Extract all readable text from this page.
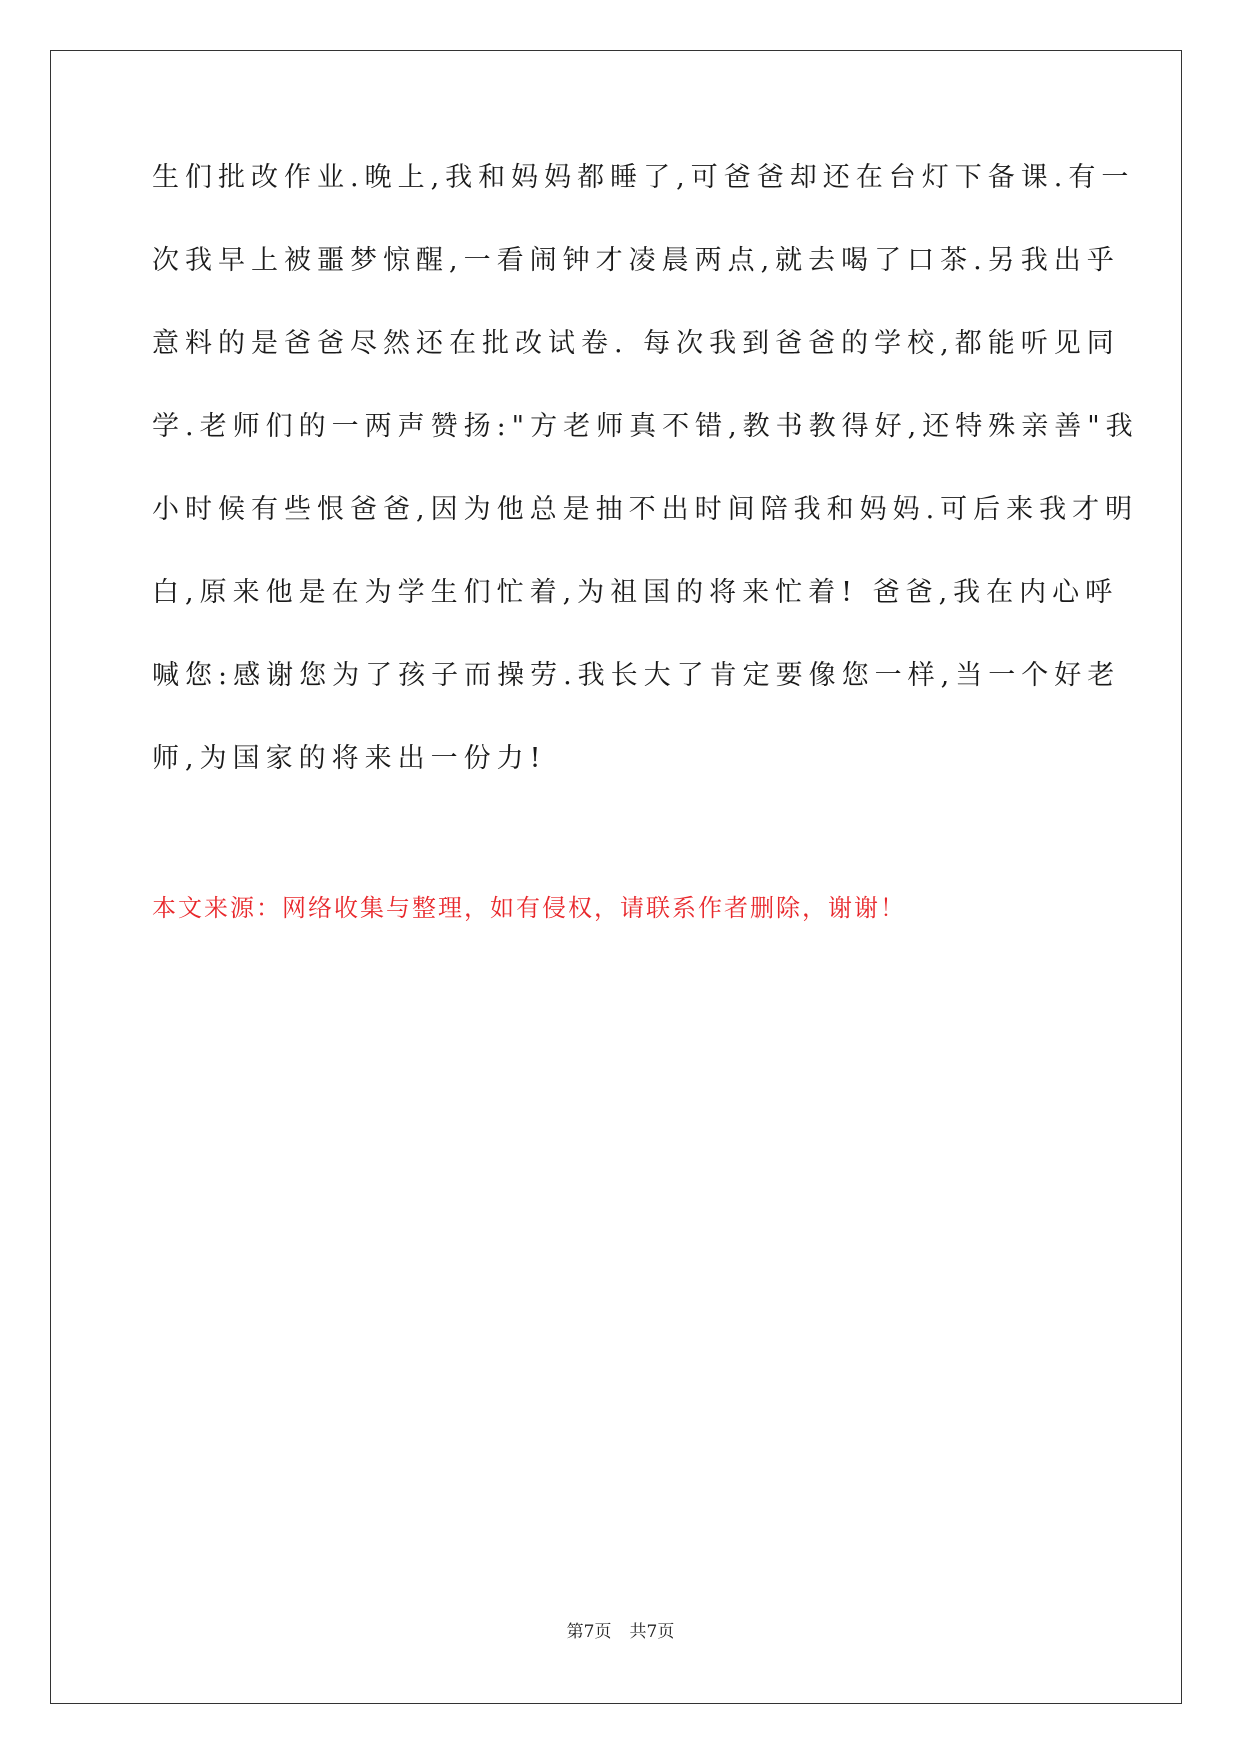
生们批改作业.晚上,我和妈妈都睡了,可爸爸却还在台灯下备课.有一
次我早上被噩梦惊醒,一看闹钟才凌晨两点,就去喝了口茶.另我出乎
意料的是爸爸尽然还在批改试卷. 每次我到爸爸的学校,都能听见同
学.老师们的一两声赞扬:"方老师真不错,教书教得好,还特殊亲善"我
小时候有些恨爸爸,因为他总是抽不出时间陪我和妈妈.可后来我才明
白,原来他是在为学生们忙着,为祖国的将来忙着! 爸爸,我在内心呼
喊您:感谢您为了孩子而操劳.我长大了肯定要像您一样,当一个好老
师,为国家的将来出一份力!
本文来源：网络收集与整理，如有侵权，请联系作者删除，谢谢！
第7页 共7页
